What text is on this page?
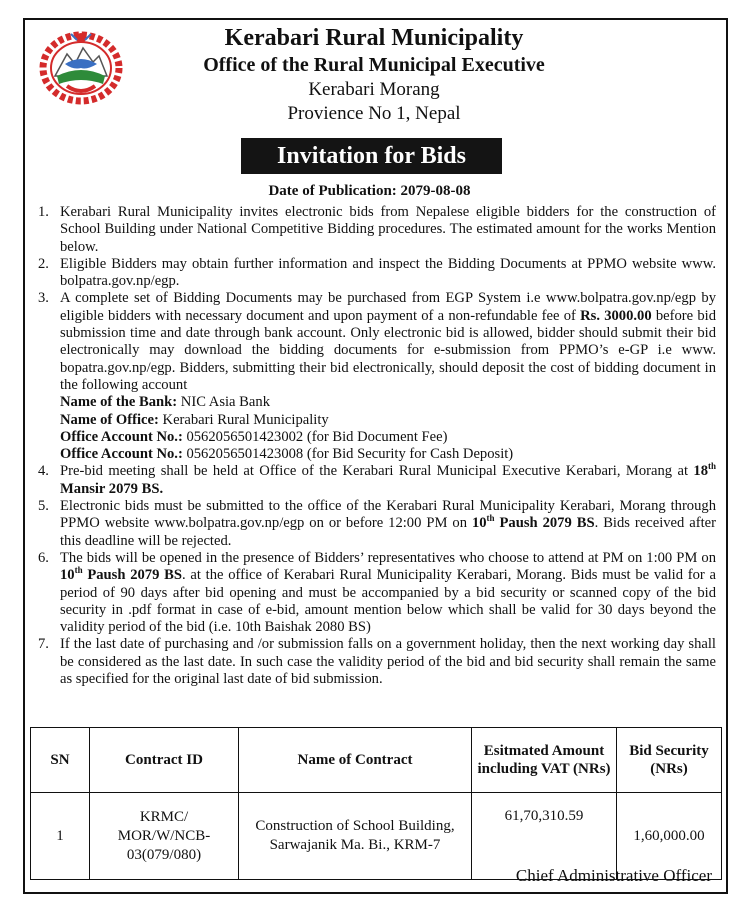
Kerabari Rural Municipality
Office of the Rural Municipal Executive
Kerabari Morang
Provience No 1, Nepal
Invitation for Bids
Date of Publication: 2079-08-08
1. Kerabari Rural Municipality invites electronic bids from Nepalese eligible bidders for the construction of School Building under National Competitive Bidding procedures. The estimated amount for the works Mention below.
2. Eligible Bidders may obtain further information and inspect the Bidding Documents at PPMO website www. bolpatra.gov.np/egp.
3. A complete set of Bidding Documents may be purchased from EGP System i.e www.bolpatra.gov.np/egp by eligible bidders with necessary document and upon payment of a non-refundable fee of Rs. 3000.00 before bid submission time and date through bank account. Only electronic bid is allowed, bidder should submit their bid electronically may download the bidding documents for e-submission from PPMO’s e-GP i.e www. bopatra.gov.np/egp. Bidders, submitting their bid electronically, should deposit the cost of bidding document in the following account
Name of the Bank: NIC Asia Bank
Name of Office: Kerabari Rural Municipality
Office Account No.: 0562056501423002 (for Bid Document Fee)
Office Account No.: 0562056501423008 (for Bid Security for Cash Deposit)
4. Pre-bid meeting shall be held at Office of the Kerabari Rural Municipal Executive Kerabari, Morang at 18th Mansir 2079 BS.
5. Electronic bids must be submitted to the office of the Kerabari Rural Municipality Kerabari, Morang through PPMO website www.bolpatra.gov.np/egp on or before 12:00 PM on 10th Paush 2079 BS. Bids received after this deadline will be rejected.
6. The bids will be opened in the presence of Bidders’ representatives who choose to attend at PM on 1:00 PM on 10th Paush 2079 BS. at the office of Kerabari Rural Municipality Kerabari, Morang. Bids must be valid for a period of 90 days after bid opening and must be accompanied by a bid security or scanned copy of the bid security in .pdf format in case of e-bid, amount mention below which shall be valid for 30 days beyond the validity period of the bid (i.e. 10th Baishak 2080 BS)
7. If the last date of purchasing and /or submission falls on a government holiday, then the next working day shall be considered as the last date. In such case the validity period of the bid and bid security shall remain the same as specified for the original last date of bid submission.
SN	Contract ID	Name of Contract	Esitmated Amount including VAT (NRs)	Bid Security (NRs)
1	KRMC/ MOR/W/NCB- 03(079/080)	Construction of School Building, Sarwajanik Ma. Bi., KRM-7	61,70,310.59	1,60,000.00
Chief Administrative Officer
